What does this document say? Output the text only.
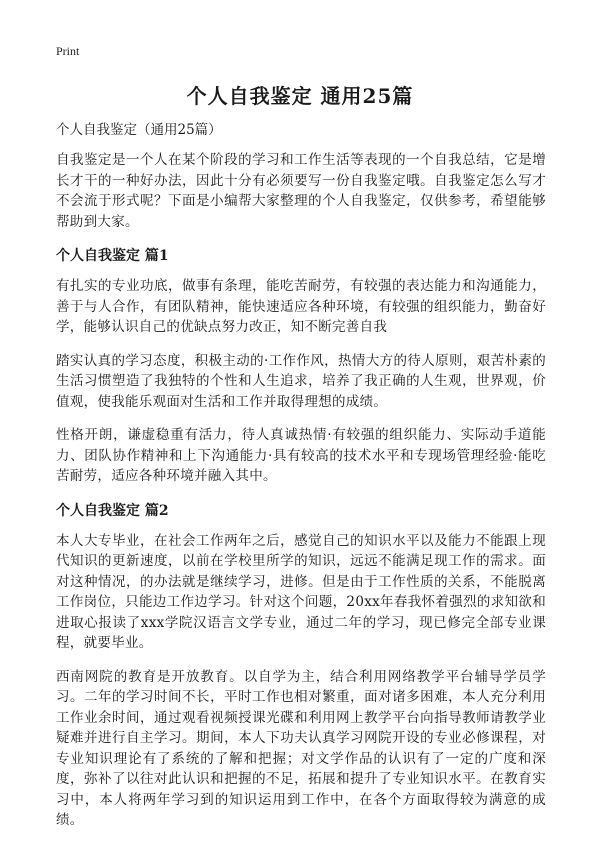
Print
个人自我鉴定 通用25篇

个人自我鉴定（通用25篇）

自我鉴定是一个人在某个阶段的学习和工作生活等表现的一个自我总结，它是增长才干的一种好办法，因此十分有必须要写一份自我鉴定哦。自我鉴定怎么写才不会流于形式呢？下面是小编帮大家整理的个人自我鉴定，仅供参考，希望能够帮助到大家。

个人自我鉴定 篇1

有扎实的专业功底，做事有条理，能吃苦耐劳，有较强的表达能力和沟通能力，善于与人合作，有团队精神，能快速适应各种环境，有较强的组织能力，勤奋好学，能够认识自己的优缺点努力改正，知不断完善自我

踏实认真的学习态度，积极主动的·工作作风，热情大方的待人原则，艰苦朴素的生活习惯塑造了我独特的个性和人生追求，培养了我正确的人生观，世界观，价值观，使我能乐观面对生活和工作并取得理想的成绩。

性格开朗，谦虚稳重有活力，待人真诚热情·有较强的组织能力、实际动手道能力、团队协作精神和上下沟通能力·具有较高的技术水平和专现场管理经验·能吃苦耐劳，适应各种环境并融入其中。

个人自我鉴定 篇2

本人大专毕业，在社会工作两年之后，感觉自己的知识水平以及能力不能跟上现代知识的更新速度，以前在学校里所学的知识，远远不能满足现工作的需求。面对这种情况，的办法就是继续学习，进修。但是由于工作性质的关系，不能脱离工作岗位，只能边工作边学习。针对这个问题，20xx年春我怀着强烈的求知欲和进取心报读了xxx学院汉语言文学专业，通过二年的学习，现已修完全部专业课程，就要毕业。

西南网院的教育是开放教育。以自学为主，结合利用网络教学平台辅导学员学习。二年的学习时间不长，平时工作也相对繁重，面对诸多困难，本人充分利用工作业余时间，通过观看视频授课光碟和利用网上教学平台向指导教师请教学业疑难并进行自主学习。期间，本人下功夫认真学习网院开设的专业必修课程，对专业知识理论有了系统的了解和把握；对文学作品的认识有了一定的广度和深度，弥补了以往对此认识和把握的不足，拓展和提升了专业知识水平。在教育实习中，本人将两年学习到的知识运用到工作中，在各个方面取得较为满意的成绩。
